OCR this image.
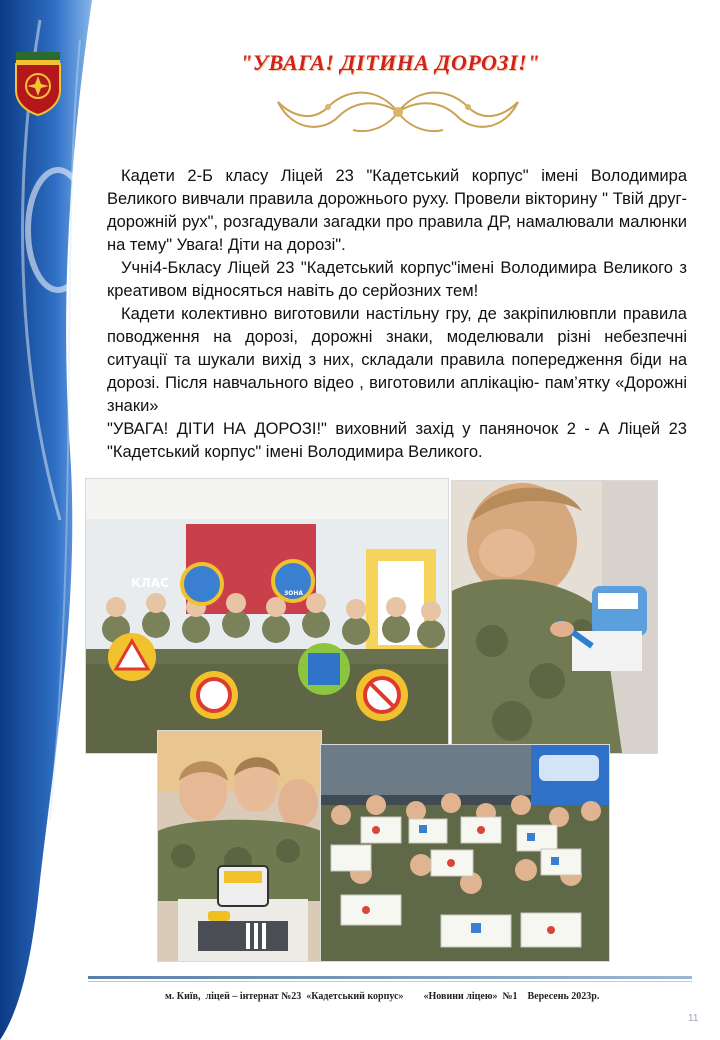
"УВАГА! ДІТИНА ДОРОЗІ!"

Кадети 2-Б класу Ліцей 23 "Кадетський корпус" імені Володимира Великого вивчали правила дорожнього руху. Провели вікторину " Твій друг- дорожній рух", розгадували загадки про правила ДР, намалювали малюнки на тему" Увага! Діти на дорозі".

Учні4-Бкласу Ліцей 23 "Кадетський корпус"імені Володимира Великого з креативом відносяться навіть до серйозних тем!

Кадети колективно виготовили настільну гру, де закріпилювпли правила поводження на дорозі, дорожні знаки, моделювали різні небезпечні ситуації та шукали вихід з них, складали правила попередження біди на дорозі. Після навчального відео , виготовили аплікацію- пам’ятку «Дорожні знаки»

"УВАГА! ДІТИ НА ДОРОЗІ!" виховний захід у паняночок 2 - А Ліцей 23 "Кадетський корпус" імені Володимира Великого.

КЛАС
ЗОНА
м. Київ,  ліцей – інтернат №23  «Кадетський корпус» «Новини ліцею»  №1    Вересень 2023р.
11
